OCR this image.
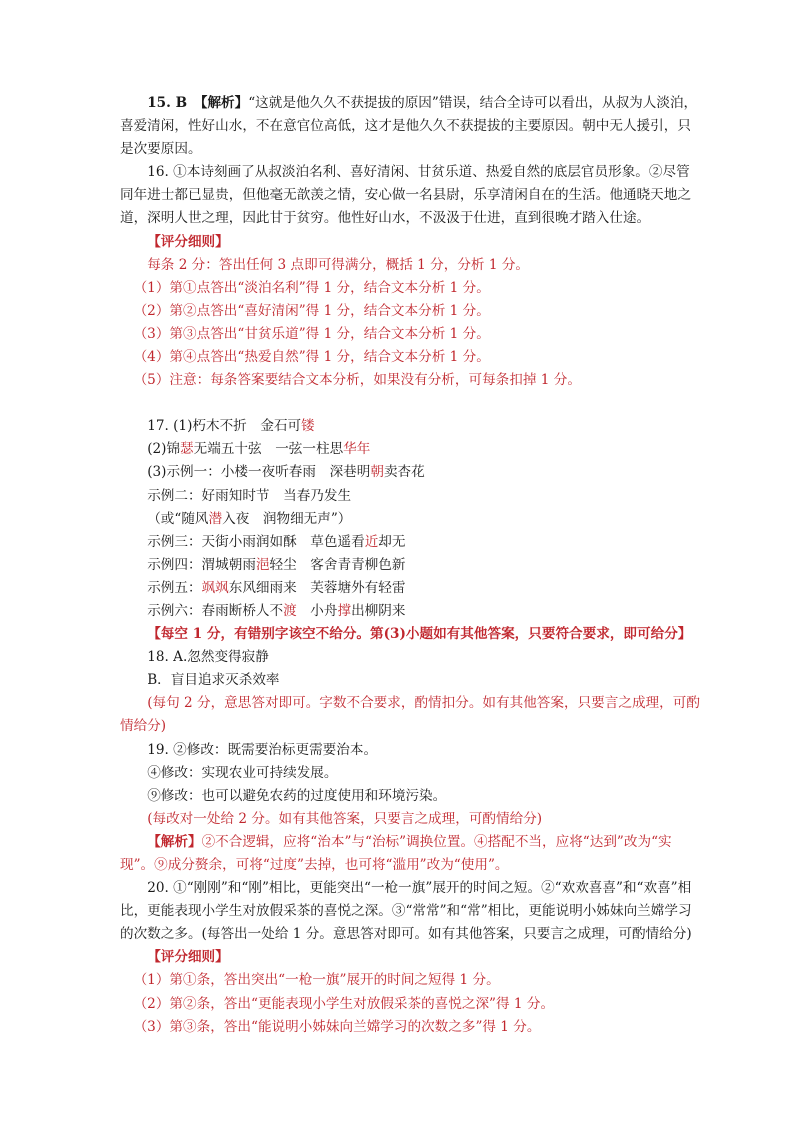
15. B　 【解析】“这就是他久久不获提拔的原因”错误，结合全诗可以看出，从叔为人淡泊，喜爱清闲，性好山水，不在意官位高低，这才是他久久不获提拔的主要原因。朝中无人援引，只是次要原因。

16. ①本诗刻画了从叔淡泊名利、喜好清闲、甘贫乐道、热爱自然的底层官员形象。②尽管同年进士都已显贵，但他毫无歆羡之情，安心做一名县尉，乐享清闲自在的生活。他通晓天地之道，深明人世之理，因此甘于贫穷。他性好山水，不汲汲于仕进，直到很晚才踏入仕途。

【评分细则】

每条 2 分：答出任何 3 点即可得满分，概括 1 分，分析 1 分。

（1）第①点答出“淡泊名利”得 1 分，结合文本分析 1 分。

（2）第②点答出“喜好清闲”得 1 分，结合文本分析 1 分。

（3）第③点答出“甘贫乐道”得 1 分，结合文本分析 1 分。

（4）第④点答出“热爱自然”得 1 分，结合文本分析 1 分。

（5）注意：每条答案要结合文本分析，如果没有分析，可每条扣掉 1 分。

17. (1)朽木不折　金石可镂

(2)锦瑟无端五十弦　一弦一柱思华年

(3)示例一：小楼一夜听春雨　深巷明朝卖杏花

示例二：好雨知时节　当春乃发生

（或“随风潜入夜　润物细无声”）

示例三：天街小雨润如酥　草色遥看近却无

示例四：渭城朝雨浥轻尘　客舍青青柳色新

示例五：飒飒东风细雨来　芙蓉塘外有轻雷

示例六：春雨断桥人不渡　小舟撑出柳阴来

【每空 1 分，有错别字该空不给分。第(3)小题如有其他答案，只要符合要求，即可给分】

18. A.忽然变得寂静

B．盲目追求灭杀效率

(每句 2 分，意思答对即可。字数不合要求，酌情扣分。如有其他答案，只要言之成理，可酌情给分)

19. ②修改：既需要治标更需要治本。

④修改：实现农业可持续发展。

⑨修改：也可以避免农药的过度使用和环境污染。

(每改对一处给 2 分。如有其他答案，只要言之成理，可酌情给分)

【解析】②不合逻辑，应将“治本”与“治标”调换位置。④搭配不当，应将“达到”改为“实现”。⑨成分赘余，可将“过度”去掉，也可将“滥用”改为“使用”。

20. ①“刚刚”和“刚”相比，更能突出“一枪一旗”展开的时间之短。②“欢欢喜喜”和“欢喜”相比，更能表现小学生对放假采茶的喜悦之深。③“常常”和“常”相比，更能说明小姊妹向兰嫦学习的次数之多。(每答出一处给 1 分。意思答对即可。如有其他答案，只要言之成理，可酌情给分)

【评分细则】

（1）第①条，答出突出“一枪一旗”展开的时间之短得 1 分。

（2）第②条，答出“更能表现小学生对放假采茶的喜悦之深”得 1 分。

（3）第③条，答出“能说明小姊妹向兰嫦学习的次数之多”得 1 分。
